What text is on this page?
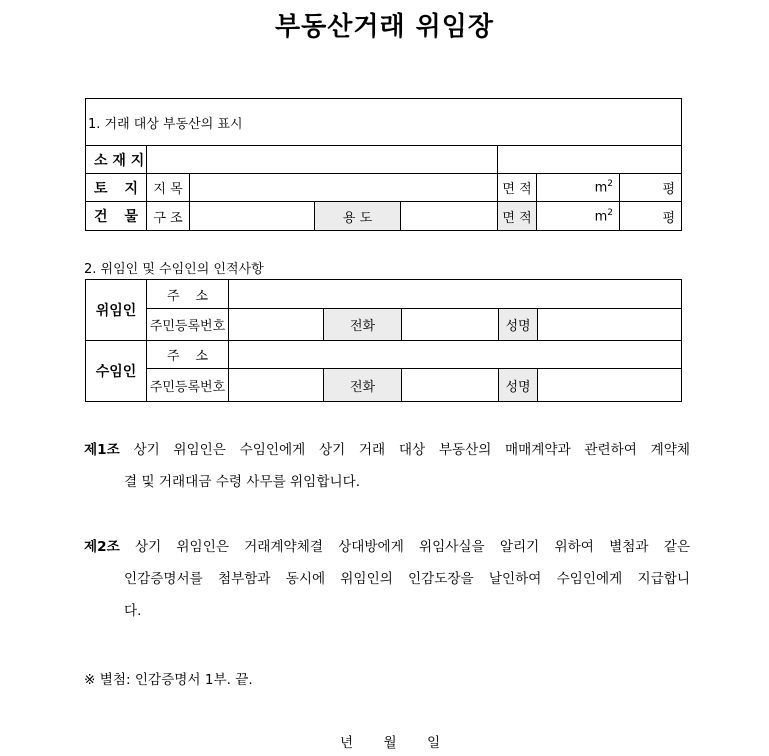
부동산거래 위임장
1. 거래 대상 부동산의 표시							
소 재 지							
토 지	지 목				면 적	$m^2$	평
건 물	구 조		용 도		면 적	$m^2$	평
2. 위임인 및 수임인의 인적사항
위임인	주 소					
	주민등록번호		전화		성명	
수임인	주 소					
	주민등록번호		전화		성명	
제1조 상기 위임인은 수임인에게 상기 거래 대상 부동산의 매매계약과 관련하여 계약체
결 및 거래대금 수령 사무를 위임합니다.
제2조 상기 위임인은 거래계약체결 상대방에게 위임사실을 알리기 위하여 별첨과 같은
인감증명서를 첨부함과 동시에 위임인의 인감도장을 날인하여 수임인에게 지급합니
다.
※ 별첨: 인감증명서 1부. 끝.
년 월 일
